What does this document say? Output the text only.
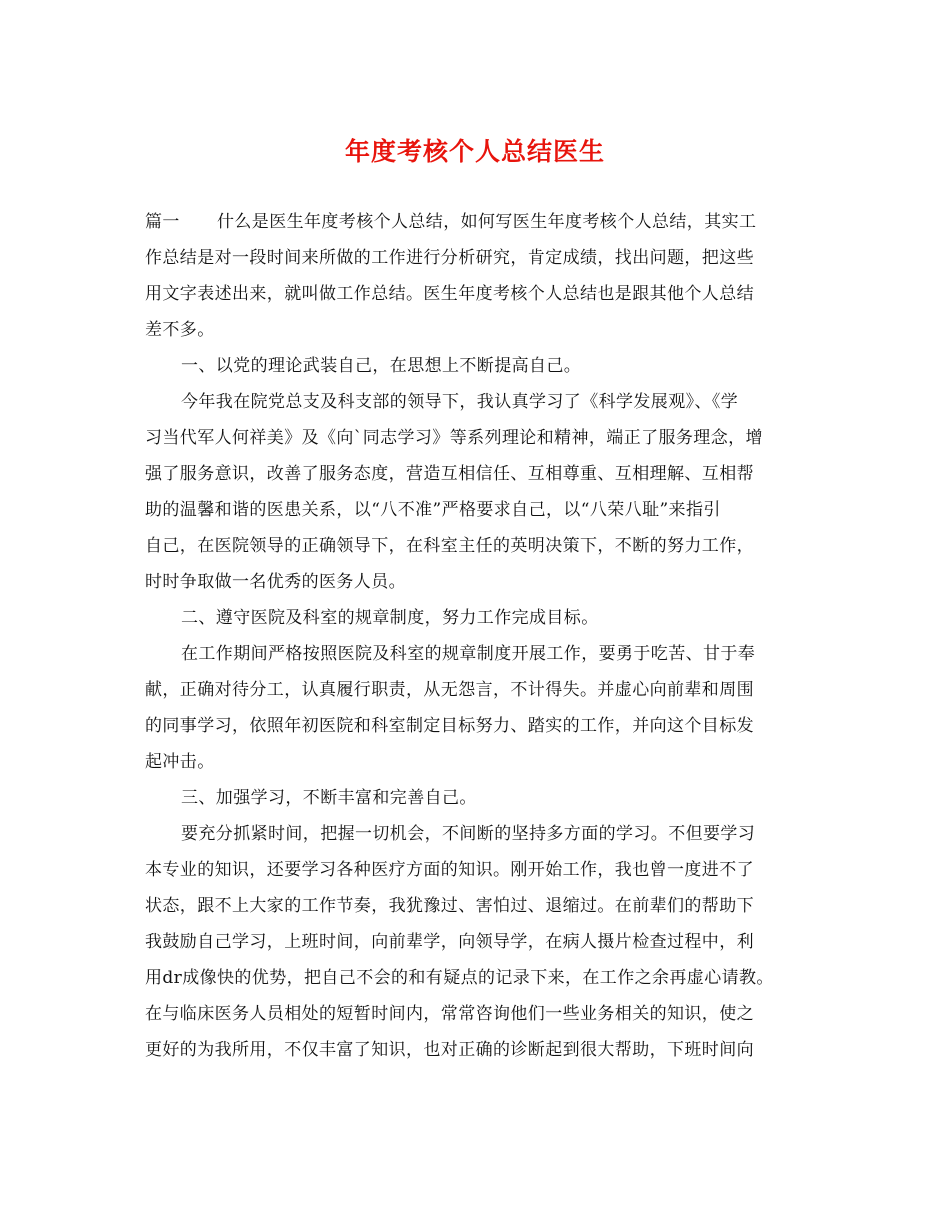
年度考核个人总结医生

篇一 什么是医生年度考核个人总结，如何写医生年度考核个人总结，其实工

作总结是对一段时间来所做的工作进行分析研究，肯定成绩，找出问题，把这些

用文字表述出来，就叫做工作总结。医生年度考核个人总结也是跟其他个人总结

差不多。

一、以党的理论武装自己，在思想上不断提高自己。

今年我在院党总支及科支部的领导下，我认真学习了《科学发展观》、《学

习当代军人何祥美》及《向`同志学习》等系列理论和精神，端正了服务理念，增

强了服务意识，改善了服务态度，营造互相信任、互相尊重、互相理解、互相帮

助的温馨和谐的医患关系，以“八不准”严格要求自己，以“八荣八耻”来指引

自己，在医院领导的正确领导下，在科室主任的英明决策下，不断的努力工作，

时时争取做一名优秀的医务人员。

二、遵守医院及科室的规章制度，努力工作完成目标。

在工作期间严格按照医院及科室的规章制度开展工作，要勇于吃苦、甘于奉

献，正确对待分工，认真履行职责，从无怨言，不计得失。并虚心向前辈和周围

的同事学习，依照年初医院和科室制定目标努力、踏实的工作，并向这个目标发

起冲击。

三、加强学习，不断丰富和完善自己。

要充分抓紧时间，把握一切机会，不间断的坚持多方面的学习。不但要学习

本专业的知识，还要学习各种医疗方面的知识。刚开始工作，我也曾一度进不了

状态，跟不上大家的工作节奏，我犹豫过、害怕过、退缩过。在前辈们的帮助下

我鼓励自己学习，上班时间，向前辈学，向领导学，在病人摄片检查过程中，利

用dr成像快的优势，把自己不会的和有疑点的记录下来，在工作之余再虚心请教。

在与临床医务人员相处的短暂时间内，常常咨询他们一些业务相关的知识，使之

更好的为我所用，不仅丰富了知识，也对正确的诊断起到很大帮助，下班时间向
